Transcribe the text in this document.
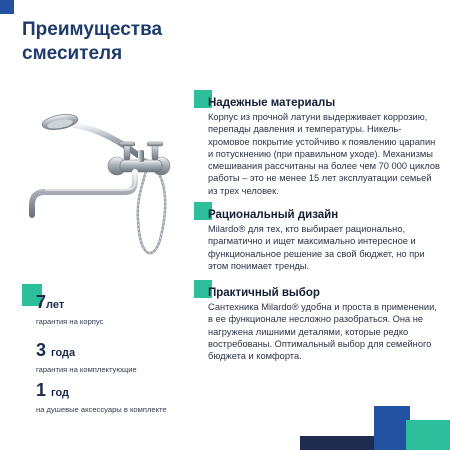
Преимущества смесителя
Надежные материалы

Корпус из прочной латуни выдерживает коррозию, перепады давления и температуры. Никель-хромовое покрытие устойчиво к появлению царапин и потускнению (при правильном уходе). Механизмы смешивания рассчитаны на более чем 70 000 циклов работы – это не менее 15 лет эксплуатации семьей из трех человек.

Рациональный дизайн

Milardo® для тех, кто выбирает рационально, прагматично и ищет максимально интересное и функциональное решение за свой бюджет, но при этом понимает тренды.

Практичный выбор

Сантехника Milardo® удобна и проста в применении, в ее функционале несложно разобраться. Она не нагружена лишними деталями, которые редко востребованы. Оптимальный выбор для семейного бюджета и комфорта.

7лет
гарантия на корпус
3 года
гарантия на комплектующие
1 год
на душевые аксессуары в комплекте
